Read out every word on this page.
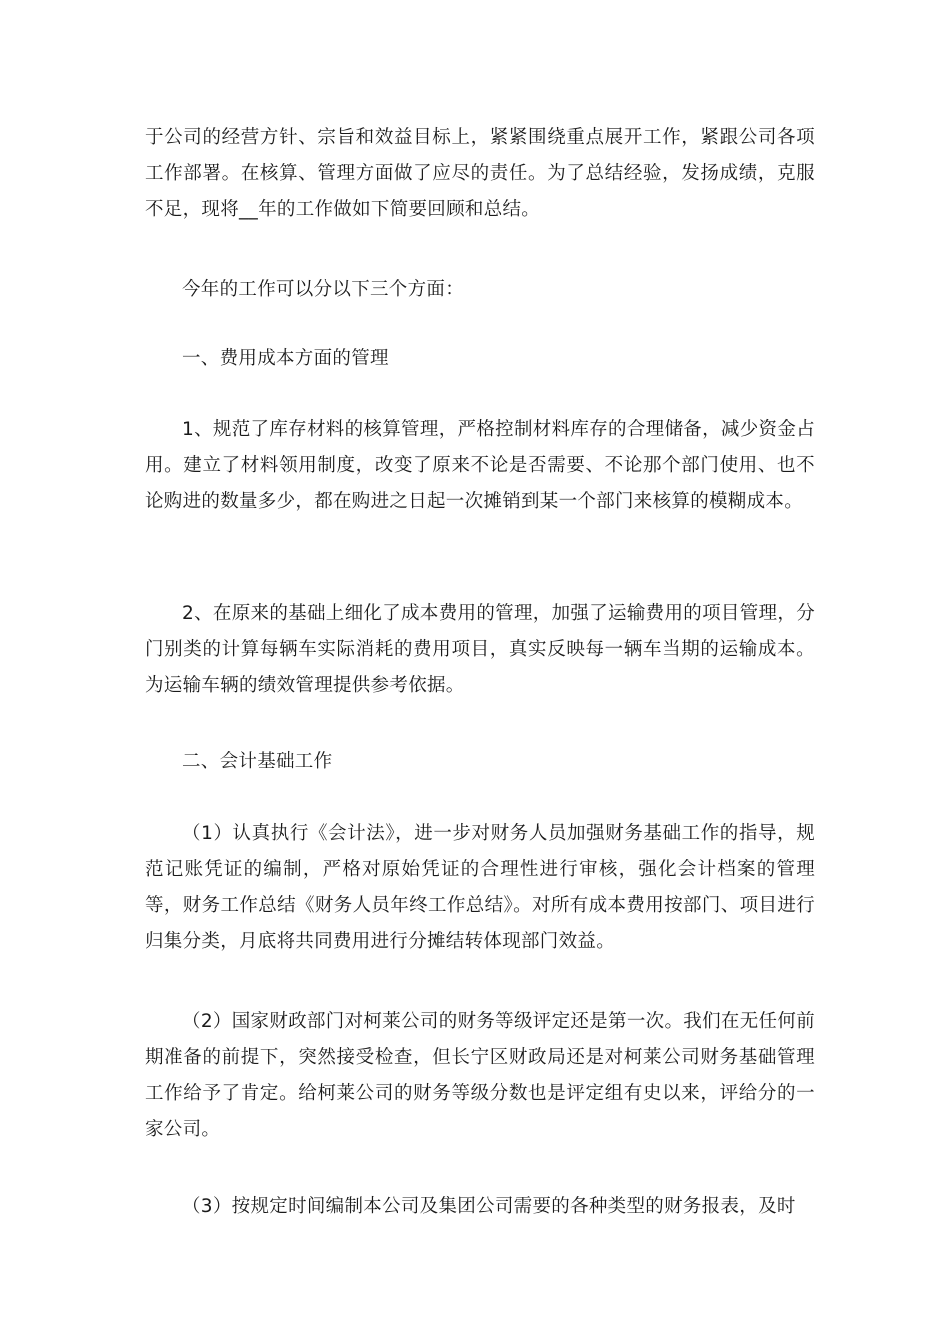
于公司的经营方针、宗旨和效益目标上，紧紧围绕重点展开工作，紧跟公司各项工作部署。在核算、管理方面做了应尽的责任。为了总结经验，发扬成绩，克服不足，现将__年的工作做如下简要回顾和总结。

今年的工作可以分以下三个方面：

一、费用成本方面的管理

1、规范了库存材料的核算管理，严格控制材料库存的合理储备，减少资金占用。建立了材料领用制度，改变了原来不论是否需要、不论那个部门使用、也不论购进的数量多少，都在购进之日起一次摊销到某一个部门来核算的模糊成本。

2、在原来的基础上细化了成本费用的管理，加强了运输费用的项目管理，分门别类的计算每辆车实际消耗的费用项目，真实反映每一辆车当期的运输成本。为运输车辆的绩效管理提供参考依据。

二、会计基础工作

（1）认真执行《会计法》，进一步对财务人员加强财务基础工作的指导，规范记账凭证的编制，严格对原始凭证的合理性进行审核，强化会计档案的管理等，财务工作总结《财务人员年终工作总结》。对所有成本费用按部门、项目进行归集分类，月底将共同费用进行分摊结转体现部门效益。

（2）国家财政部门对柯莱公司的财务等级评定还是第一次。我们在无任何前期准备的前提下，突然接受检查，但长宁区财政局还是对柯莱公司财务基础管理工作给予了肯定。给柯莱公司的财务等级分数也是评定组有史以来，评给分的一家公司。

（3）按规定时间编制本公司及集团公司需要的各种类型的财务报表，及时
